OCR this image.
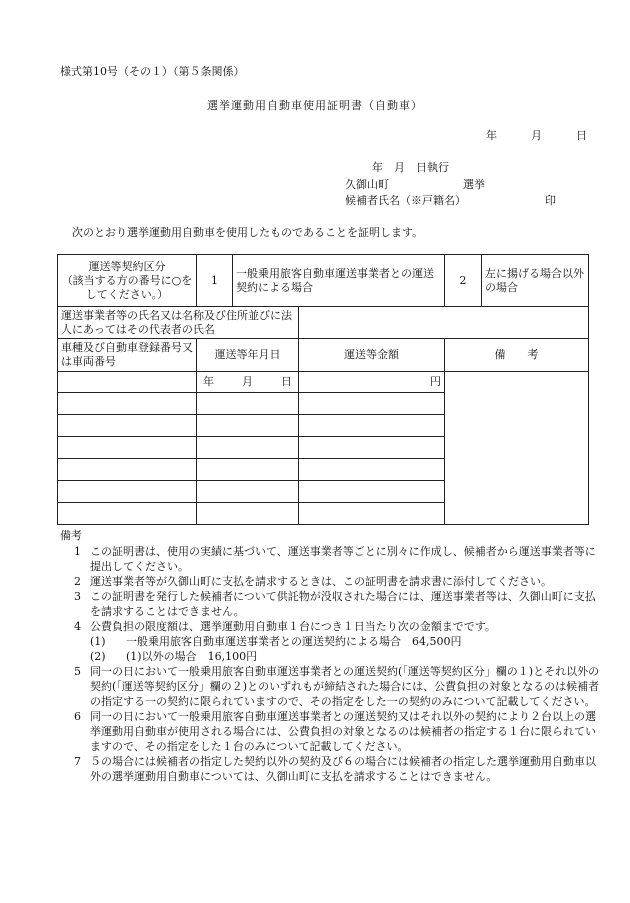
様式第10号（その１）（第５条関係）
選挙運動用自動車使用証明書（自動車）
年	月	日
年　月　日執行
久御山町	選挙
候補者氏名（※戸籍名）	印
次のとおり選挙運動用自動車を使用したものであることを証明します。
運送等契約区分
（該当する方の番号に○をしてください。）	1	一般乗用旅客自動車運送事業者との運送契約による場合		2	左に揚げる場合以外の場合
運送事業者等の氏名又は名称及び住所並びに法人にあってはその代表者の氏名					
車種及び自動車登録番号又は車両番号	運送等年月日		運送等金額	備　　考	
	年 月 日		円		

備考

1 この証明書は、使用の実績に基づいて、運送事業者等ごとに別々に作成し、候補者から運送事業者等に提出してください。

2 運送事業者等が久御山町に支払を請求するときは、この証明書を請求書に添付してください。

3 この証明書を発行した候補者について供託物が没収された場合には、運送事業者等は、久御山町に支払を請求することはできません。

4 公費負担の限度額は、選挙運動用自動車１台につき１日当たり次の金額までです。

(1) 一般乗用旅客自動車運送事業者との運送契約による場合　64,500円

(2) (1)以外の場合　16,100円

5 同一の日において一般乗用旅客自動車運送事業者との運送契約(「運送等契約区分」欄の１)とそれ以外の契約(「運送等契約区分」欄の２)とのいずれもが締結された場合には、公費負担の対象となるのは候補者の指定する一の契約に限られていますので、その指定をした一の契約のみについて記載してください。

6 同一の日において一般乗用旅客自動車運送事業者との運送契約又はそれ以外の契約により２台以上の選挙運動用自動車が使用される場合には、公費負担の対象となるのは候補者の指定する１台に限られていますので、その指定をした１台のみについて記載してください。

7 ５の場合には候補者の指定した契約以外の契約及び６の場合には候補者の指定した選挙運動用自動車以外の選挙運動用自動車については、久御山町に支払を請求することはできません。
